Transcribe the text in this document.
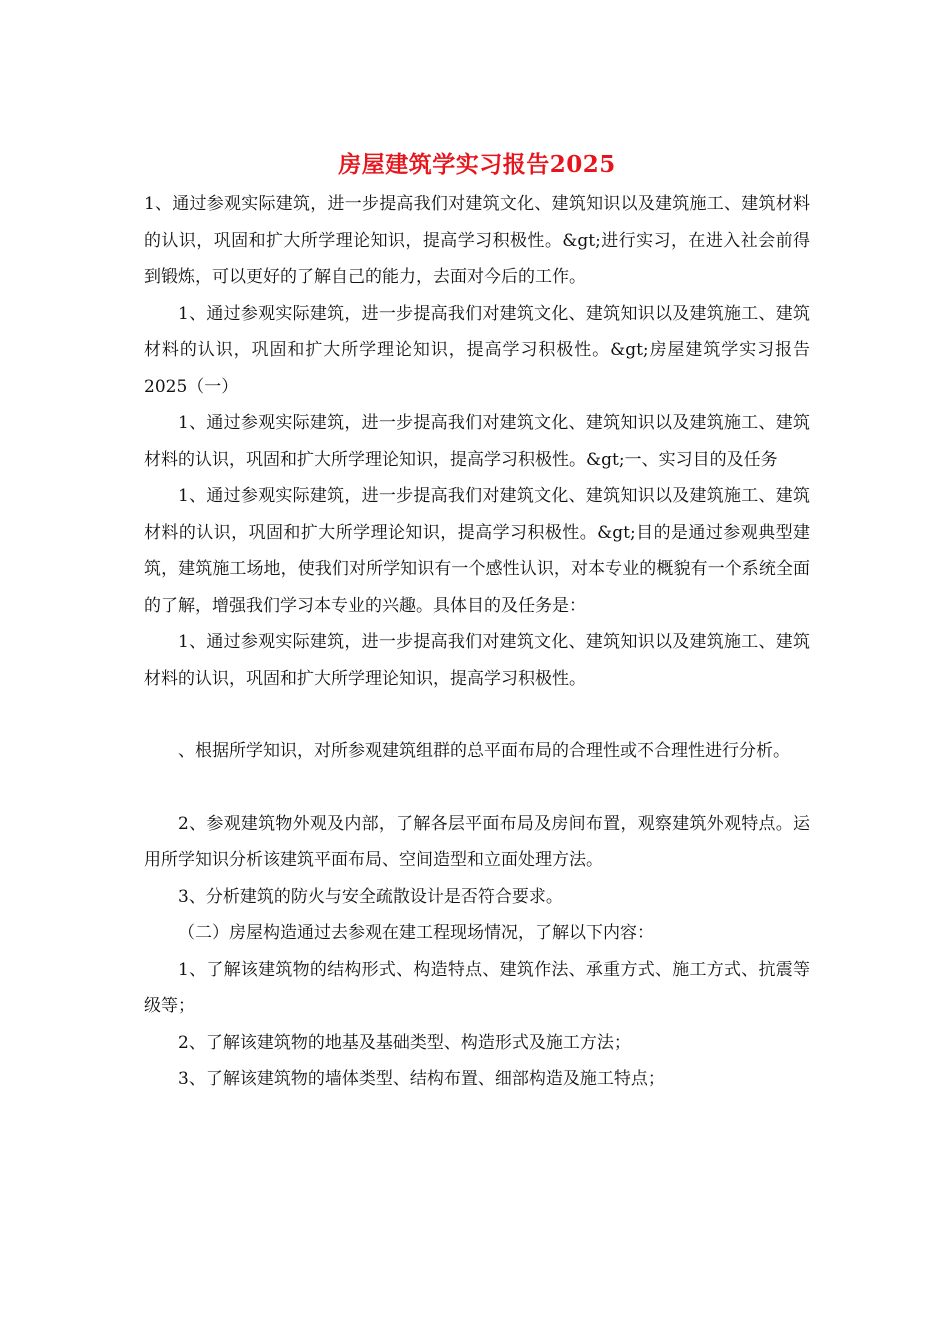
房屋建筑学实习报告2025

1、通过参观实际建筑，进一步提高我们对建筑文化、建筑知识以及建筑施工、建筑材料的认识，巩固和扩大所学理论知识，提高学习积极性。&gt;进行实习，在进入社会前得到锻炼，可以更好的了解自己的能力，去面对今后的工作。

1、通过参观实际建筑，进一步提高我们对建筑文化、建筑知识以及建筑施工、建筑材料的认识，巩固和扩大所学理论知识，提高学习积极性。&gt;房屋建筑学实习报告2025（一）

1、通过参观实际建筑，进一步提高我们对建筑文化、建筑知识以及建筑施工、建筑材料的认识，巩固和扩大所学理论知识，提高学习积极性。&gt;一、实习目的及任务

1、通过参观实际建筑，进一步提高我们对建筑文化、建筑知识以及建筑施工、建筑材料的认识，巩固和扩大所学理论知识，提高学习积极性。&gt;目的是通过参观典型建筑，建筑施工场地，使我们对所学知识有一个感性认识，对本专业的概貌有一个系统全面的了解，增强我们学习本专业的兴趣。具体目的及任务是：

1、通过参观实际建筑，进一步提高我们对建筑文化、建筑知识以及建筑施工、建筑材料的认识，巩固和扩大所学理论知识，提高学习积极性。

、根据所学知识，对所参观建筑组群的总平面布局的合理性或不合理性进行分析。

2、参观建筑物外观及内部，了解各层平面布局及房间布置，观察建筑外观特点。运用所学知识分析该建筑平面布局、空间造型和立面处理方法。

3、分析建筑的防火与安全疏散设计是否符合要求。

（二）房屋构造通过去参观在建工程现场情况，了解以下内容：

1、了解该建筑物的结构形式、构造特点、建筑作法、承重方式、施工方式、抗震等级等；

2、了解该建筑物的地基及基础类型、构造形式及施工方法；

3、了解该建筑物的墙体类型、结构布置、细部构造及施工特点；
